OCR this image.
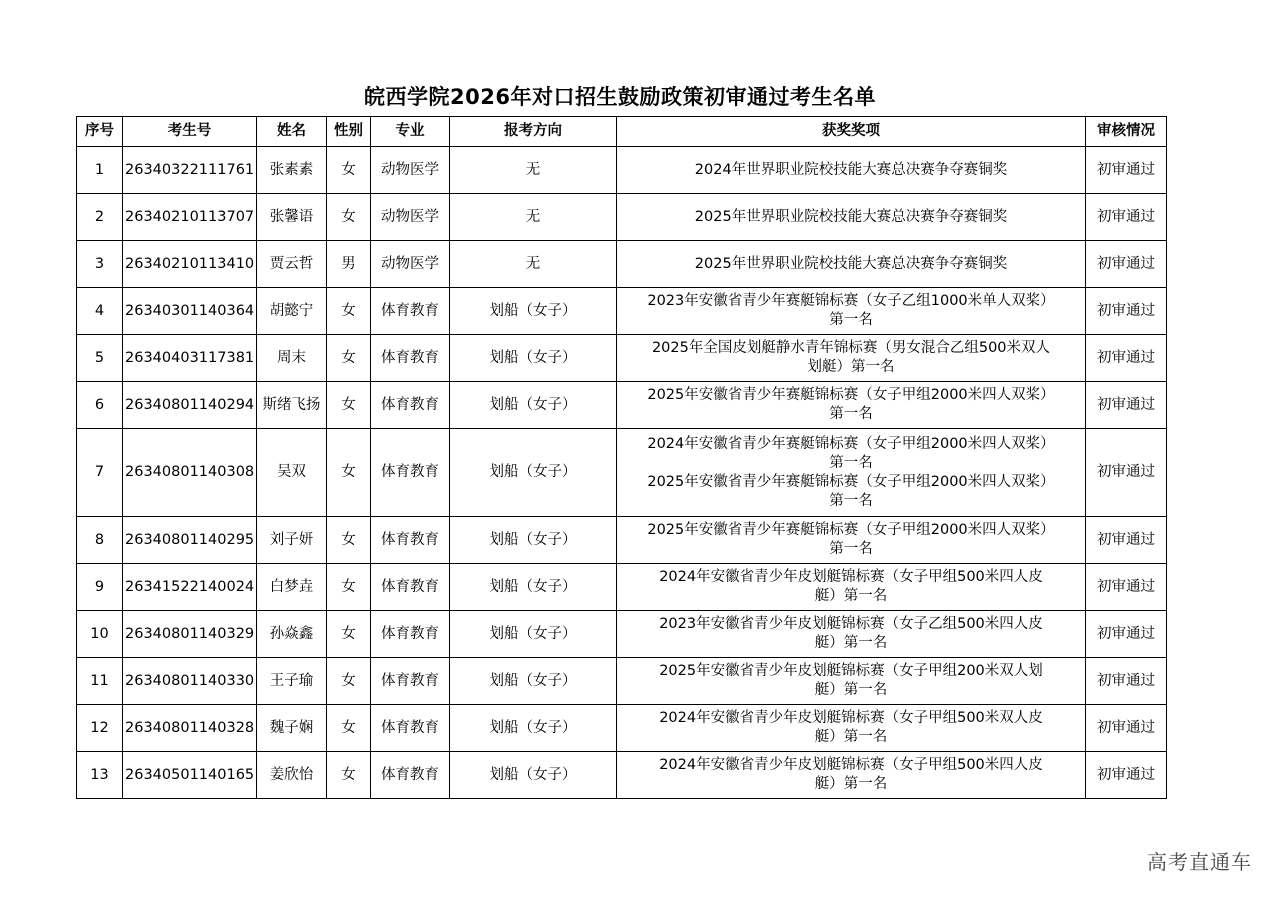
皖西学院2026年对口招生鼓励政策初审通过考生名单
序号	考生号	姓名	性别	专业	报考方向	获奖奖项	审核情况
1	26340322111761	张素素	女	动物医学	无	2024年世界职业院校技能大赛总决赛争夺赛铜奖	初审通过
2	26340210113707	张馨语	女	动物医学	无	2025年世界职业院校技能大赛总决赛争夺赛铜奖	初审通过
3	26340210113410	贾云哲	男	动物医学	无	2025年世界职业院校技能大赛总决赛争夺赛铜奖	初审通过
4	26340301140364	胡懿宁	女	体育教育	划船（女子）	2023年安徽省青少年赛艇锦标赛（女子乙组1000米单人双桨）
第一名	初审通过
5	26340403117381	周末	女	体育教育	划船（女子）	2025年全国皮划艇静水青年锦标赛（男女混合乙组500米双人
划艇）第一名	初审通过
6	26340801140294	斯绪飞扬	女	体育教育	划船（女子）	2025年安徽省青少年赛艇锦标赛（女子甲组2000米四人双桨）
第一名	初审通过
7	26340801140308	吴双	女	体育教育	划船（女子）	2024年安徽省青少年赛艇锦标赛（女子甲组2000米四人双桨）
第一名
2025年安徽省青少年赛艇锦标赛（女子甲组2000米四人双桨）
第一名	初审通过
8	26340801140295	刘子妍	女	体育教育	划船（女子）	2025年安徽省青少年赛艇锦标赛（女子甲组2000米四人双桨）
第一名	初审通过
9	26341522140024	白梦垚	女	体育教育	划船（女子）	2024年安徽省青少年皮划艇锦标赛（女子甲组500米四人皮
艇）第一名	初审通过
10	26340801140329	孙焱鑫	女	体育教育	划船（女子）	2023年安徽省青少年皮划艇锦标赛（女子乙组500米四人皮
艇）第一名	初审通过
11	26340801140330	王子瑜	女	体育教育	划船（女子）	2025年安徽省青少年皮划艇锦标赛（女子甲组200米双人划
艇）第一名	初审通过
12	26340801140328	魏子娴	女	体育教育	划船（女子）	2024年安徽省青少年皮划艇锦标赛（女子甲组500米双人皮
艇）第一名	初审通过
13	26340501140165	姜欣怡	女	体育教育	划船（女子）	2024年安徽省青少年皮划艇锦标赛（女子甲组500米四人皮
艇）第一名	初审通过
高考直通车
